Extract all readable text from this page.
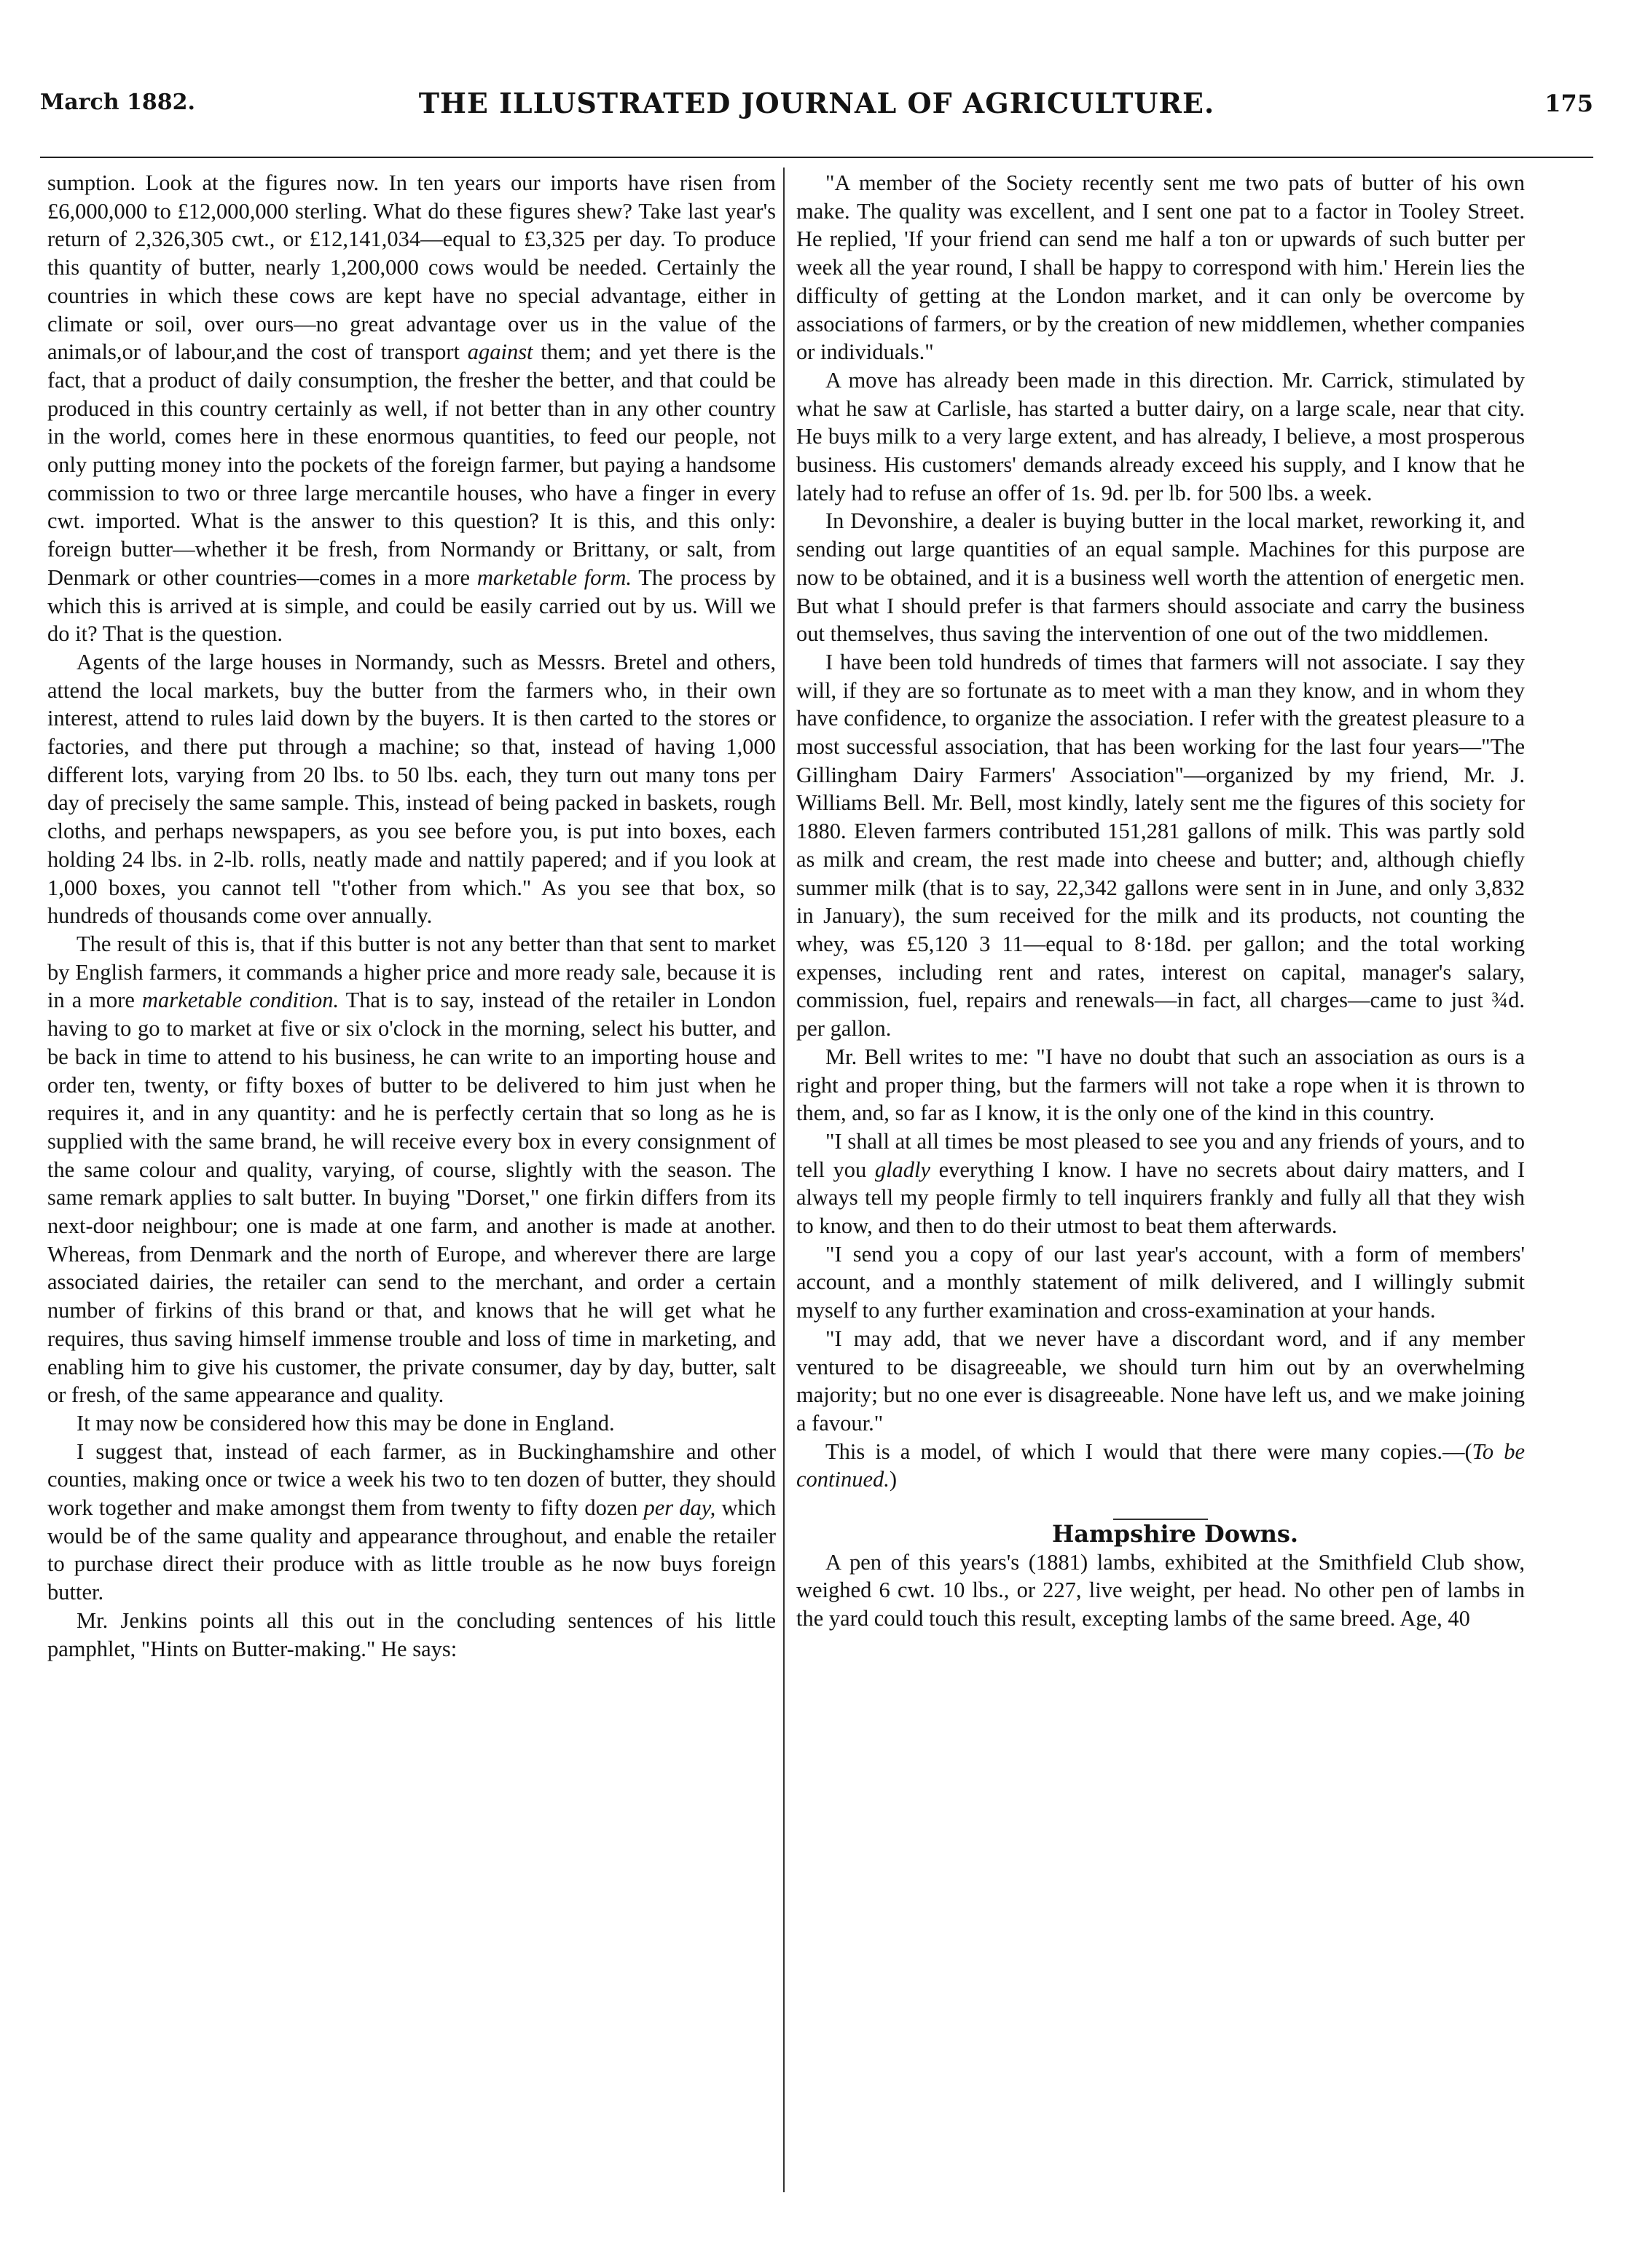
March 1882.	THE ILLUSTRATED JOURNAL OF AGRICULTURE.	175

sumption. Look at the figures now. In ten years our imports have risen from £6,000,000 to £12,000,000 sterling. What do these figures shew? Take last year's return of 2,326,305 cwt., or £12,141,034—equal to £3,325 per day. To produce this quantity of butter, nearly 1,200,000 cows would be needed. Certainly the countries in which these cows are kept have no special advantage, either in climate or soil, over ours—no great advantage over us in the value of the animals,or of labour,and the cost of transport against them; and yet there is the fact, that a product of daily consumption, the fresher the better, and that could be produced in this country certainly as well, if not better than in any other country in the world, comes here in these enormous quantities, to feed our people, not only putting money into the pockets of the foreign farmer, but paying a handsome commission to two or three large mercantile houses, who have a finger in every cwt. imported. What is the answer to this question? It is this, and this only: foreign butter—whether it be fresh, from Normandy or Brittany, or salt, from Denmark or other countries—comes in a more marketable form. The process by which this is arrived at is simple, and could be easily carried out by us. Will we do it? That is the question.

Agents of the large houses in Normandy, such as Messrs. Bretel and others, attend the local markets, buy the butter from the farmers who, in their own interest, attend to rules laid down by the buyers. It is then carted to the stores or factories, and there put through a machine; so that, instead of having 1,000 different lots, varying from 20 lbs. to 50 lbs. each, they turn out many tons per day of precisely the same sample. This, instead of being packed in baskets, rough cloths, and perhaps newspapers, as you see before you, is put into boxes, each holding 24 lbs. in 2-lb. rolls, neatly made and nattily papered; and if you look at 1,000 boxes, you cannot tell "t'other from which." As you see that box, so hundreds of thousands come over annually.

The result of this is, that if this butter is not any better than that sent to market by English farmers, it commands a higher price and more ready sale, because it is in a more marketable condition. That is to say, instead of the retailer in London having to go to market at five or six o'clock in the morning, select his butter, and be back in time to attend to his business, he can write to an importing house and order ten, twenty, or fifty boxes of butter to be delivered to him just when he requires it, and in any quantity: and he is perfectly certain that so long as he is supplied with the same brand, he will receive every box in every consignment of the same colour and quality, varying, of course, slightly with the season. The same remark applies to salt butter. In buying "Dorset," one firkin differs from its next-door neighbour; one is made at one farm, and another is made at another. Whereas, from Denmark and the north of Europe, and wherever there are large associated dairies, the retailer can send to the merchant, and order a certain number of firkins of this brand or that, and knows that he will get what he requires, thus saving himself immense trouble and loss of time in marketing, and enabling him to give his customer, the private consumer, day by day, butter, salt or fresh, of the same appearance and quality.

It may now be considered how this may be done in England.

I suggest that, instead of each farmer, as in Buckinghamshire and other counties, making once or twice a week his two to ten dozen of butter, they should work together and make amongst them from twenty to fifty dozen per day, which would be of the same quality and appearance throughout, and enable the retailer to purchase direct their produce with as little trouble as he now buys foreign butter.

Mr. Jenkins points all this out in the concluding sentences of his little pamphlet, "Hints on Butter-making." He says:

"A member of the Society recently sent me two pats of butter of his own make. The quality was excellent, and I sent one pat to a factor in Tooley Street. He replied, 'If your friend can send me half a ton or upwards of such butter per week all the year round, I shall be happy to correspond with him.' Herein lies the difficulty of getting at the London market, and it can only be overcome by associations of farmers, or by the creation of new middlemen, whether companies or individuals."

A move has already been made in this direction. Mr. Carrick, stimulated by what he saw at Carlisle, has started a butter dairy, on a large scale, near that city. He buys milk to a very large extent, and has already, I believe, a most prosperous business. His customers' demands already exceed his supply, and I know that he lately had to refuse an offer of 1s. 9d. per lb. for 500 lbs. a week.

In Devonshire, a dealer is buying butter in the local market, reworking it, and sending out large quantities of an equal sample. Machines for this purpose are now to be obtained, and it is a business well worth the attention of energetic men. But what I should prefer is that farmers should associate and carry the business out themselves, thus saving the intervention of one out of the two middlemen.

I have been told hundreds of times that farmers will not associate. I say they will, if they are so fortunate as to meet with a man they know, and in whom they have confidence, to organize the association. I refer with the greatest pleasure to a most successful association, that has been working for the last four years—"The Gillingham Dairy Farmers' Association"—organized by my friend, Mr. J. Williams Bell. Mr. Bell, most kindly, lately sent me the figures of this society for 1880. Eleven farmers contributed 151,281 gallons of milk. This was partly sold as milk and cream, the rest made into cheese and butter; and, although chiefly summer milk (that is to say, 22,342 gallons were sent in in June, and only 3,832 in January), the sum received for the milk and its products, not counting the whey, was £5,120 3 11—equal to 8·18d. per gallon; and the total working expenses, including rent and rates, interest on capital, manager's salary, commission, fuel, repairs and renewals—in fact, all charges—came to just ¾d. per gallon.

Mr. Bell writes to me: "I have no doubt that such an association as ours is a right and proper thing, but the farmers will not take a rope when it is thrown to them, and, so far as I know, it is the only one of the kind in this country.

"I shall at all times be most pleased to see you and any friends of yours, and to tell you gladly everything I know. I have no secrets about dairy matters, and I always tell my people firmly to tell inquirers frankly and fully all that they wish to know, and then to do their utmost to beat them afterwards.

"I send you a copy of our last year's account, with a form of members' account, and a monthly statement of milk delivered, and I willingly submit myself to any further examination and cross-examination at your hands.

"I may add, that we never have a discordant word, and if any member ventured to be disagreeable, we should turn him out by an overwhelming majority; but no one ever is disagreeable. None have left us, and we make joining a favour."

This is a model, of which I would that there were many copies.—(To be continued.)

Hampshire Downs.

A pen of this years's (1881) lambs, exhibited at the Smithfield Club show, weighed 6 cwt. 10 lbs., or 227, live weight, per head. No other pen of lambs in the yard could touch this result, excepting lambs of the same breed. Age, 40
